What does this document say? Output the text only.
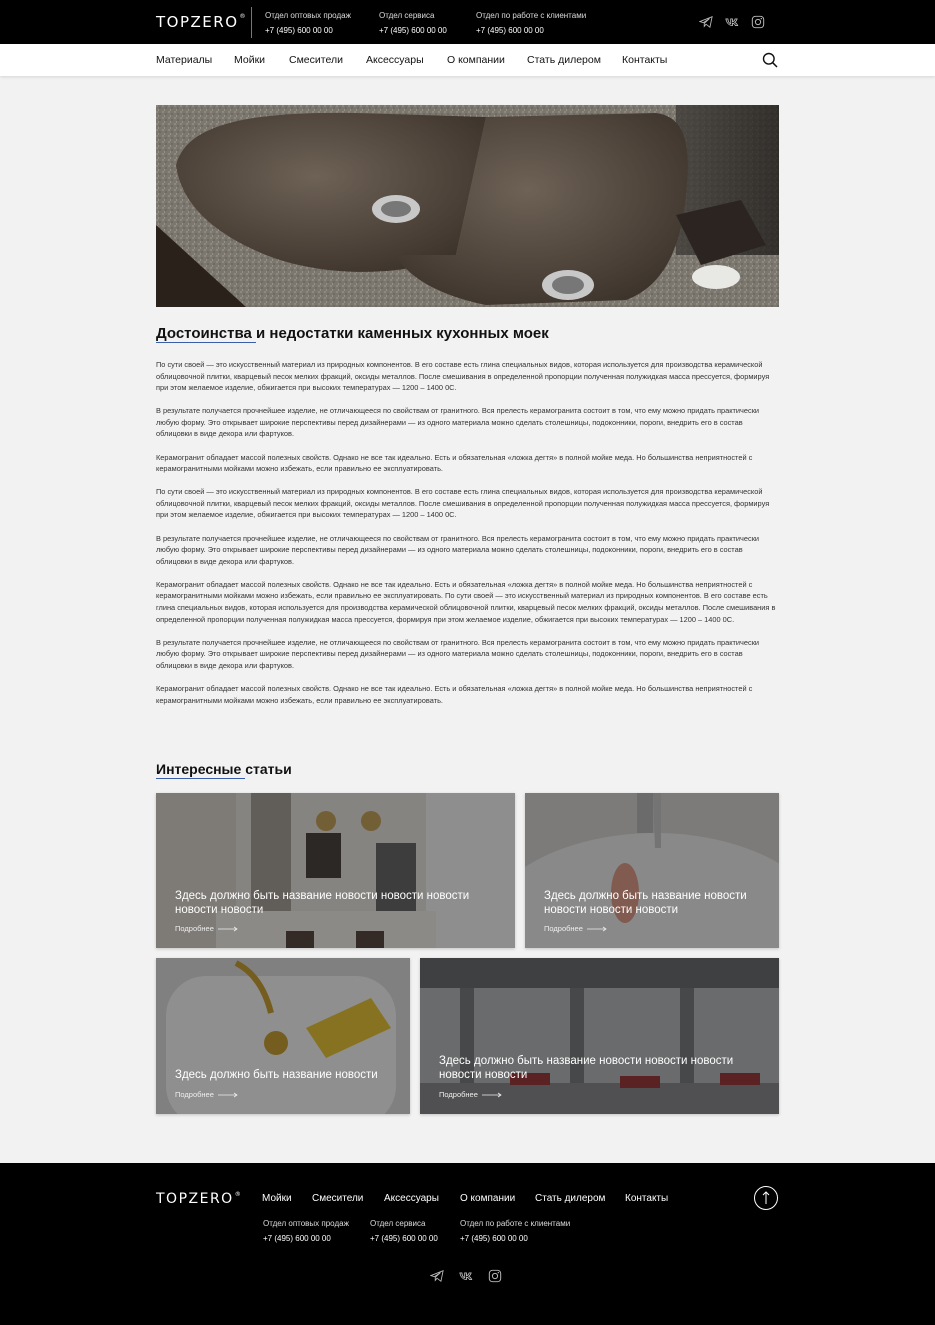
TOPZERO® Отдел оптовых продаж
+7 (495) 600 00 00
Отдел сервиса
+7 (495) 600 00 00
Отдел по работе с клиентами
+7 (495) 600 00 00
Материалы Мойки Смесители Аксессуары О компании Стать дилером Контакты
Достоинства и недостатки каменных кухонных моек

По сути своей — это искусственный материал из природных компонентов. В его составе есть глина специальных видов, которая используется для производства керамической облицовочной плитки, кварцевый песок мелких фракций, оксиды металлов. После смешивания в определенной пропорции полученная полужидкая масса прессуется, формируя при этом желаемое изделие, обжигается при высоких температурах — 1200 – 1400 0С.

В результате получается прочнейшее изделие, не отличающееся по свойствам от гранитного. Вся прелесть керамогранита состоит в том, что ему можно придать практически любую форму. Это открывает широкие перспективы перед дизайнерами — из одного материала можно сделать столешницы, подоконники, пороги, внедрить его в состав облицовки в виде декора или фартуков.

Керамогранит обладает массой полезных свойств. Однако не все так идеально. Есть и обязательная «ложка дегтя» в полной мойке меда. Но большинства неприятностей с керамогранитными мойками можно избежать, если правильно ее эксплуатировать.

По сути своей — это искусственный материал из природных компонентов. В его составе есть глина специальных видов, которая используется для производства керамической облицовочной плитки, кварцевый песок мелких фракций, оксиды металлов. После смешивания в определенной пропорции полученная полужидкая масса прессуется, формируя при этом желаемое изделие, обжигается при высоких температурах — 1200 – 1400 0С.

В результате получается прочнейшее изделие, не отличающееся по свойствам от гранитного. Вся прелесть керамогранита состоит в том, что ему можно придать практически любую форму. Это открывает широкие перспективы перед дизайнерами — из одного материала можно сделать столешницы, подоконники, пороги, внедрить его в состав облицовки в виде декора или фартуков.

Керамогранит обладает массой полезных свойств. Однако не все так идеально. Есть и обязательная «ложка дегтя» в полной мойке меда. Но большинства неприятностей с керамогранитными мойками можно избежать, если правильно ее эксплуатировать. По сути своей — это искусственный материал из природных компонентов. В его составе есть глина специальных видов, которая используется для производства керамической облицовочной плитки, кварцевый песок мелких фракций, оксиды металлов. После смешивания в определенной пропорции полученная полужидкая масса прессуется, формируя при этом желаемое изделие, обжигается при высоких температурах — 1200 – 1400 0С.

В результате получается прочнейшее изделие, не отличающееся по свойствам от гранитного. Вся прелесть керамогранита состоит в том, что ему можно придать практически любую форму. Это открывает широкие перспективы перед дизайнерами — из одного материала можно сделать столешницы, подоконники, пороги, внедрить его в состав облицовки в виде декора или фартуков.

Керамогранит обладает массой полезных свойств. Однако не все так идеально. Есть и обязательная «ложка дегтя» в полной мойке меда. Но большинства неприятностей с керамогранитными мойками можно избежать, если правильно ее эксплуатировать.

Интересные статьи
Здесь должно быть название новости новости новости новости новости
Подробнее
Здесь должно быть название новости новости новости новости
Подробнее
Здесь должно быть название новости
Подробнее
Здесь должно быть название новости новости новости новости новости
Подробнее
TOPZERO® Мойки Смесители Аксессуары О компании Стать дилером Контакты
Отдел оптовых продаж
+7 (495) 600 00 00
Отдел сервиса
+7 (495) 600 00 00
Отдел по работе с клиентами
+7 (495) 600 00 00
